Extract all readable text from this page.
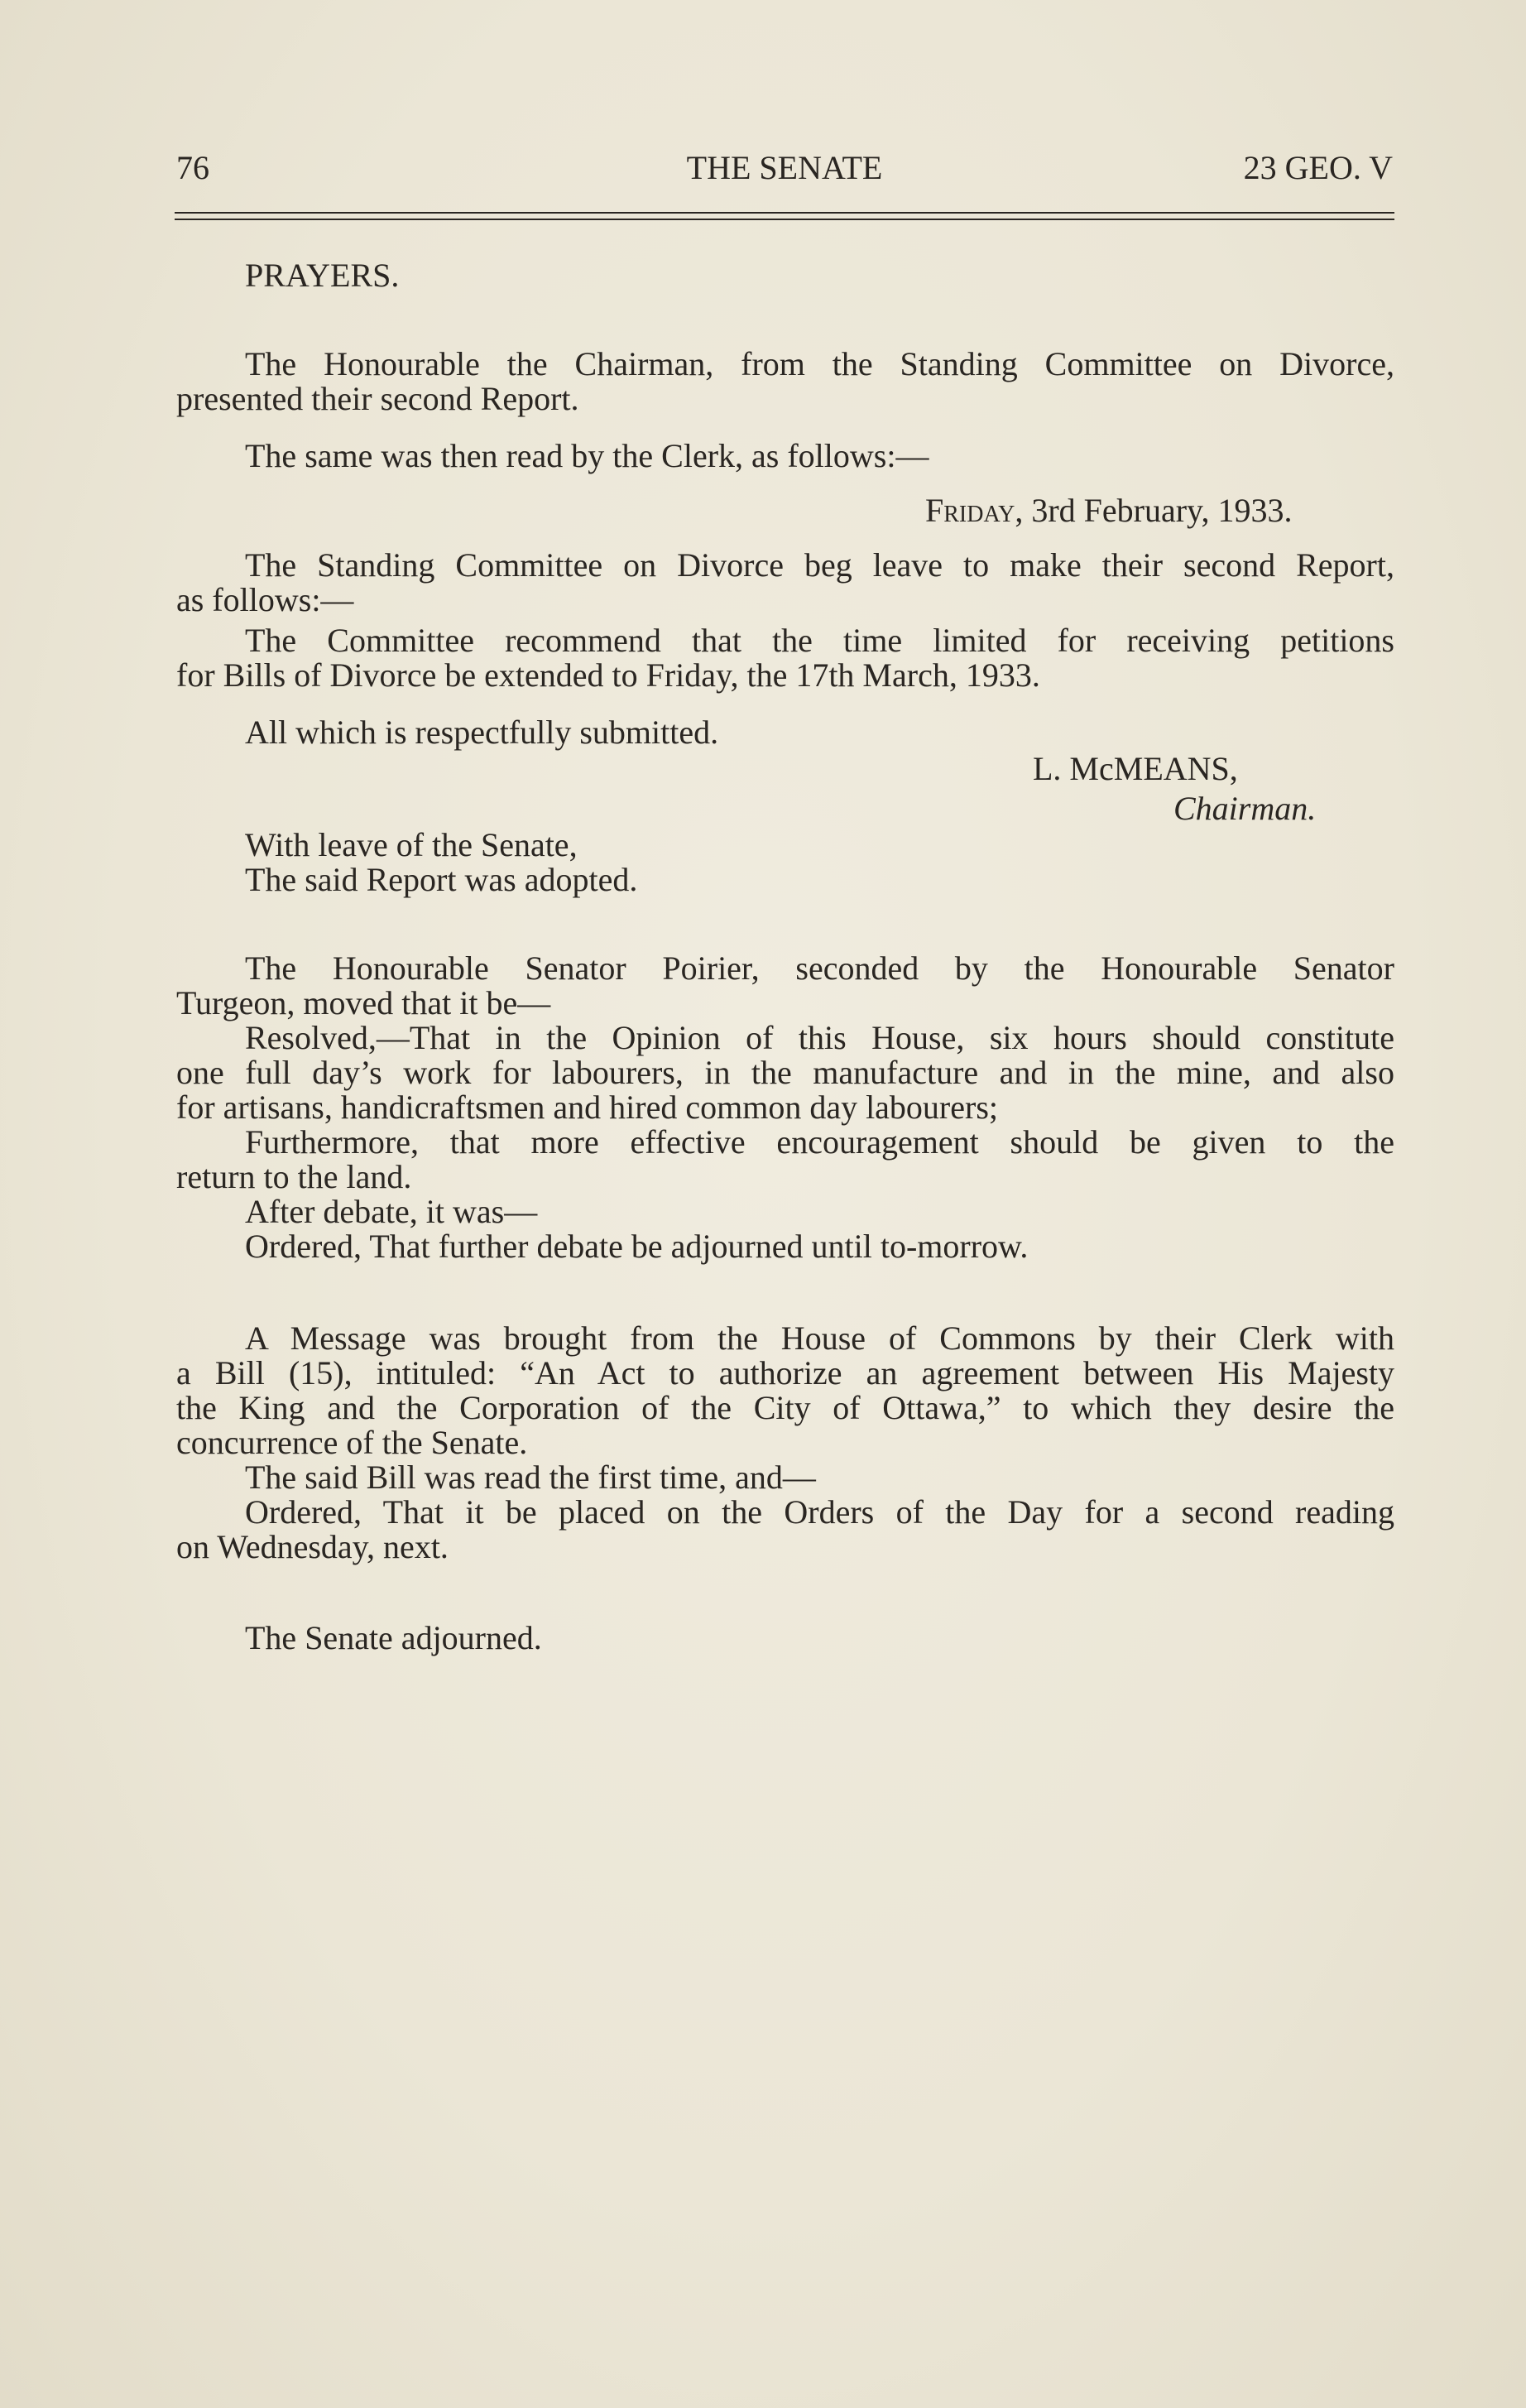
76	THE SENATE	23 GEO. V
PRAYERS.
The Honourable the Chairman, from the Standing Committee on Divorce,
presented their second Report.
The same was then read by the Clerk, as follows:—
Friday, 3rd February, 1933.
The Standing Committee on Divorce beg leave to make their second Report,
as follows:—
The Committee recommend that the time limited for receiving petitions
for Bills of Divorce be extended to Friday, the 17th March, 1933.
All which is respectfully submitted.
L. McMEANS,
Chairman.
With leave of the Senate,
The said Report was adopted.
The Honourable Senator Poirier, seconded by the Honourable Senator
Turgeon, moved that it be—
Resolved,—That in the Opinion of this House, six hours should constitute
one full day’s work for labourers, in the manufacture and in the mine, and also
for artisans, handicraftsmen and hired common day labourers;
Furthermore, that more effective encouragement should be given to the
return to the land.
After debate, it was—
Ordered, That further debate be adjourned until to-morrow.
A Message was brought from the House of Commons by their Clerk with
a Bill (15), intituled: “An Act to authorize an agreement between His Majesty
the King and the Corporation of the City of Ottawa,” to which they desire the
concurrence of the Senate.
The said Bill was read the first time, and—
Ordered, That it be placed on the Orders of the Day for a second reading
on Wednesday, next.
The Senate adjourned.
